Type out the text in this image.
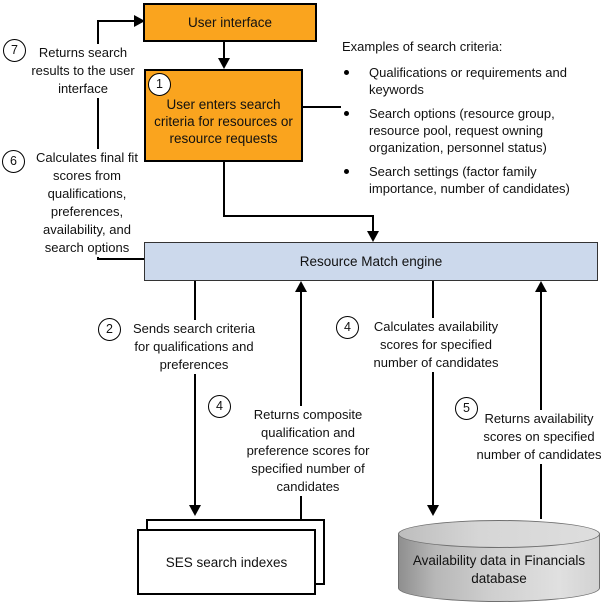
User interface
User enters search criteria for resources or resource requests
1
Resource Match engine

Examples of search criteria:

Qualifications or requirements and keywords
Search options (resource group, resource pool, request owning organization, personnel status)
Search settings (factor family importance, number of candidates)
7	Returns search results to the user interface
6 Calculates final fit scores from qualifications, preferences, availability, and search options
2	Sends search criteria for qualifications and preferences
4
Returns composite qualification and preference scores for specified number of candidates
4	Calculates availability scores for specified number of candidates
5
Returns availability scores on specified number of candidates
SES search indexes	Availability data in Financials database
